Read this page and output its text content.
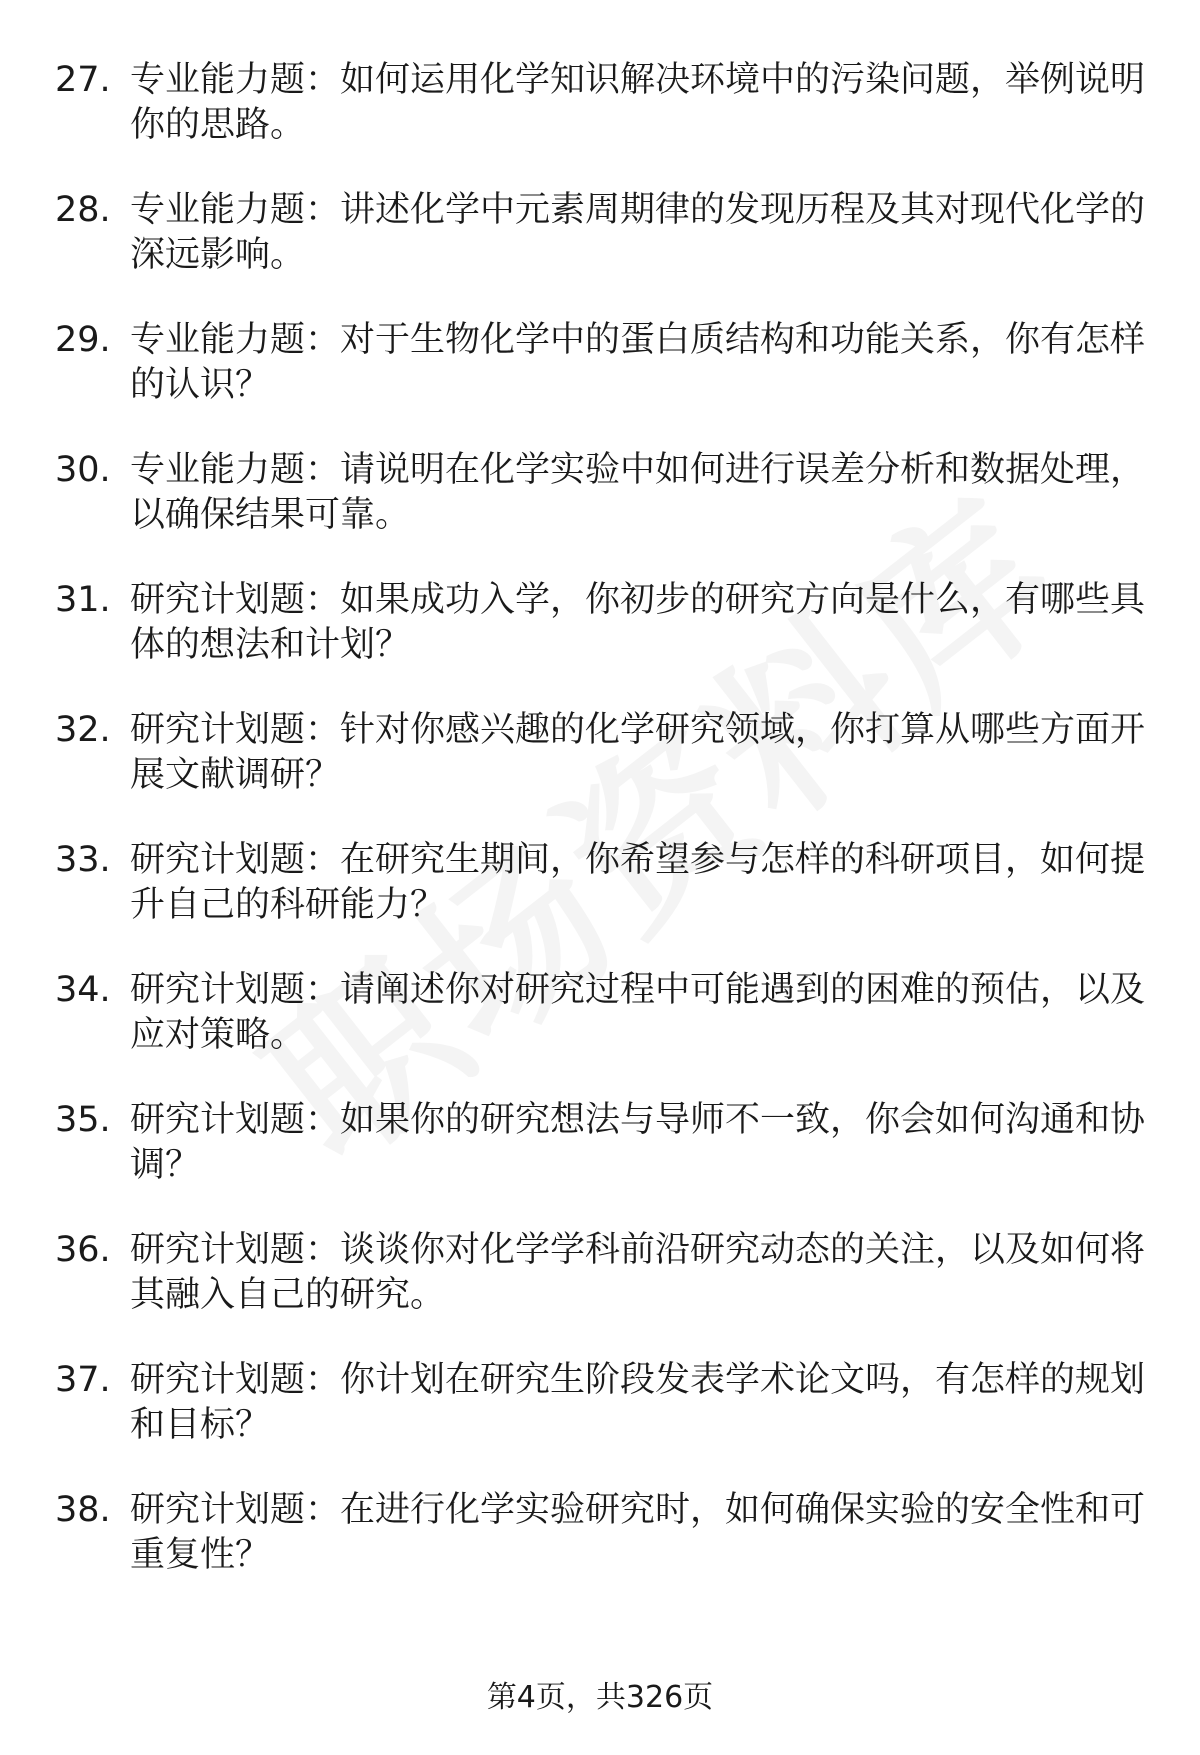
27. 专业能力题：如何运用化学知识解决环境中的污染问题，举例说明你的思路。
28. 专业能力题：讲述化学中元素周期律的发现历程及其对现代化学的深远影响。
29. 专业能力题：对于生物化学中的蛋白质结构和功能关系，你有怎样的认识？
30. 专业能力题：请说明在化学实验中如何进行误差分析和数据处理，以确保结果可靠。
31. 研究计划题：如果成功入学，你初步的研究方向是什么，有哪些具体的想法和计划？
32. 研究计划题：针对你感兴趣的化学研究领域，你打算从哪些方面开展文献调研？
33. 研究计划题：在研究生期间，你希望参与怎样的科研项目，如何提升自己的科研能力？
34. 研究计划题：请阐述你对研究过程中可能遇到的困难的预估，以及应对策略。
35. 研究计划题：如果你的研究想法与导师不一致，你会如何沟通和协调？
36. 研究计划题：谈谈你对化学学科前沿研究动态的关注，以及如何将其融入自己的研究。
37. 研究计划题：你计划在研究生阶段发表学术论文吗，有怎样的规划和目标？
38. 研究计划题：在进行化学实验研究时，如何确保实验的安全性和可重复性？
第4页，共326页
